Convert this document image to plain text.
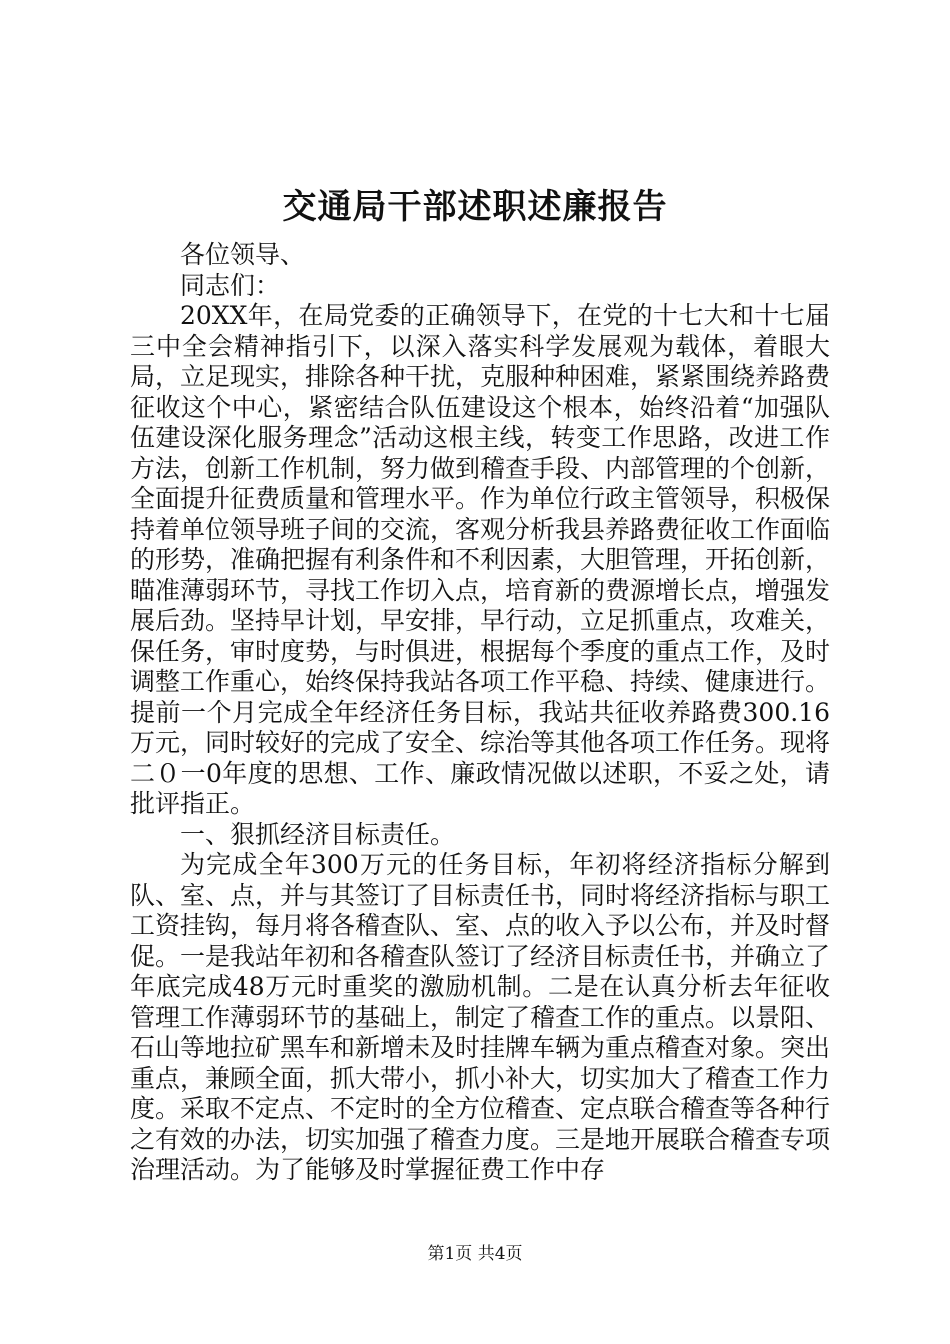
交通局干部述职述廉报告

各位领导、

同志们：

20XX年，在局党委的正确领导下，在党的十七大和十七届三中全会精神指引下，以深入落实科学发展观为载体，着眼大局，立足现实，排除各种干扰，克服种种困难，紧紧围绕养路费征收这个中心，紧密结合队伍建设这个根本，始终沿着“加强队伍建设深化服务理念”活动这根主线，转变工作思路，改进工作方法，创新工作机制，努力做到稽查手段、内部管理的个创新，全面提升征费质量和管理水平。作为单位行政主管领导，积极保持着单位领导班子间的交流，客观分析我县养路费征收工作面临的形势，准确把握有利条件和不利因素，大胆管理，开拓创新，瞄准薄弱环节，寻找工作切入点，培育新的费源增长点，增强发展后劲。坚持早计划，早安排，早行动，立足抓重点，攻难关，保任务，审时度势，与时俱进，根据每个季度的重点工作，及时调整工作重心，始终保持我站各项工作平稳、持续、健康进行。提前一个月完成全年经济任务目标，我站共征收养路费300.16万元，同时较好的完成了安全、综治等其他各项工作任务。现将二０一0年度的思想、工作、廉政情况做以述职，不妥之处，请批评指正。

一、狠抓经济目标责任。

为完成全年300万元的任务目标，年初将经济指标分解到队、室、点，并与其签订了目标责任书，同时将经济指标与职工工资挂钩，每月将各稽查队、室、点的收入予以公布，并及时督促。一是我站年初和各稽查队签订了经济目标责任书，并确立了年底完成48万元时重奖的激励机制。二是在认真分析去年征收管理工作薄弱环节的基础上，制定了稽查工作的重点。以景阳、石山等地拉矿黑车和新增未及时挂牌车辆为重点稽查对象。突出重点，兼顾全面，抓大带小，抓小补大，切实加大了稽查工作力度。采取不定点、不定时的全方位稽查、定点联合稽查等各种行之有效的办法，切实加强了稽查力度。三是地开展联合稽查专项治理活动。为了能够及时掌握征费工作中存

第1页 共4页
